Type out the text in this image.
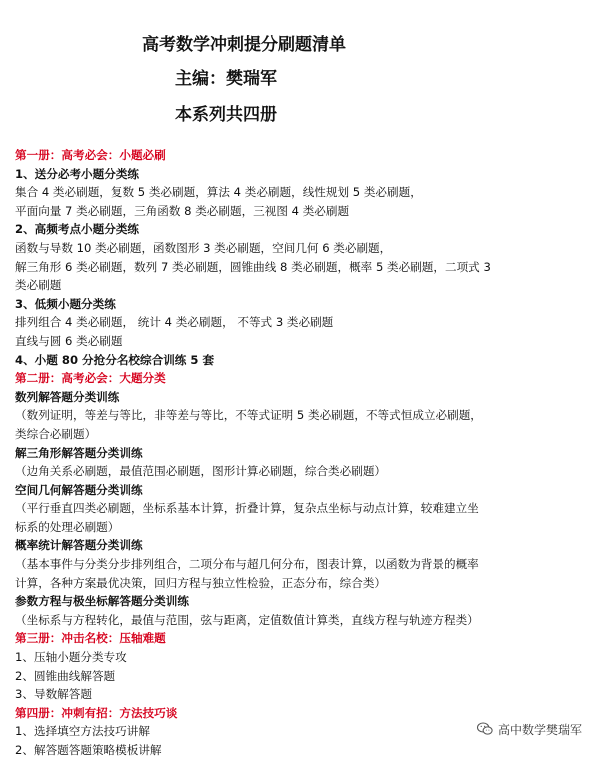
高考数学冲刺提分刷题清单
主编：樊瑞军
本系列共四册
第一册：高考必会：小题必刷
1、送分必考小题分类练
集合 4 类必刷题，复数 5 类必刷题，算法 4 类必刷题，线性规划 5 类必刷题，
平面向量 7 类必刷题，三角函数 8 类必刷题，三视图 4 类必刷题
2、高频考点小题分类练
函数与导数 10 类必刷题，函数图形 3 类必刷题，空间几何 6 类必刷题，
解三角形 6 类必刷题，数列 7 类必刷题，圆锥曲线 8 类必刷题，概率 5 类必刷题，二项式 3
类必刷题
3、低频小题分类练
排列组合 4 类必刷题， 统计 4 类必刷题， 不等式 3 类必刷题
直线与圆 6 类必刷题
4、小题 80 分抢分名校综合训练 5 套
第二册：高考必会：大题分类
数列解答题分类训练
（数列证明，等差与等比，非等差与等比，不等式证明 5 类必刷题，不等式恒成立必刷题，
类综合必刷题）
解三角形解答题分类训练
（边角关系必刷题，最值范围必刷题，图形计算必刷题，综合类必刷题）
空间几何解答题分类训练
（平行垂直四类必刷题，坐标系基本计算，折叠计算，复杂点坐标与动点计算，较难建立坐
标系的处理必刷题）
概率统计解答题分类训练
（基本事件与分类分步排列组合，二项分布与超几何分布，图表计算，以函数为背景的概率
计算，各种方案最优决策，回归方程与独立性检验，正态分布，综合类）
参数方程与极坐标解答题分类训练
（坐标系与方程转化，最值与范围，弦与距离，定值数值计算类，直线方程与轨迹方程类）
第三册：冲击名校：压轴难题
1、压轴小题分类专攻
2、圆锥曲线解答题
3、导数解答题
第四册：冲刺有招：方法技巧谈
1、选择填空方法技巧讲解
2、解答题答题策略模板讲解
高中数学樊瑞军
